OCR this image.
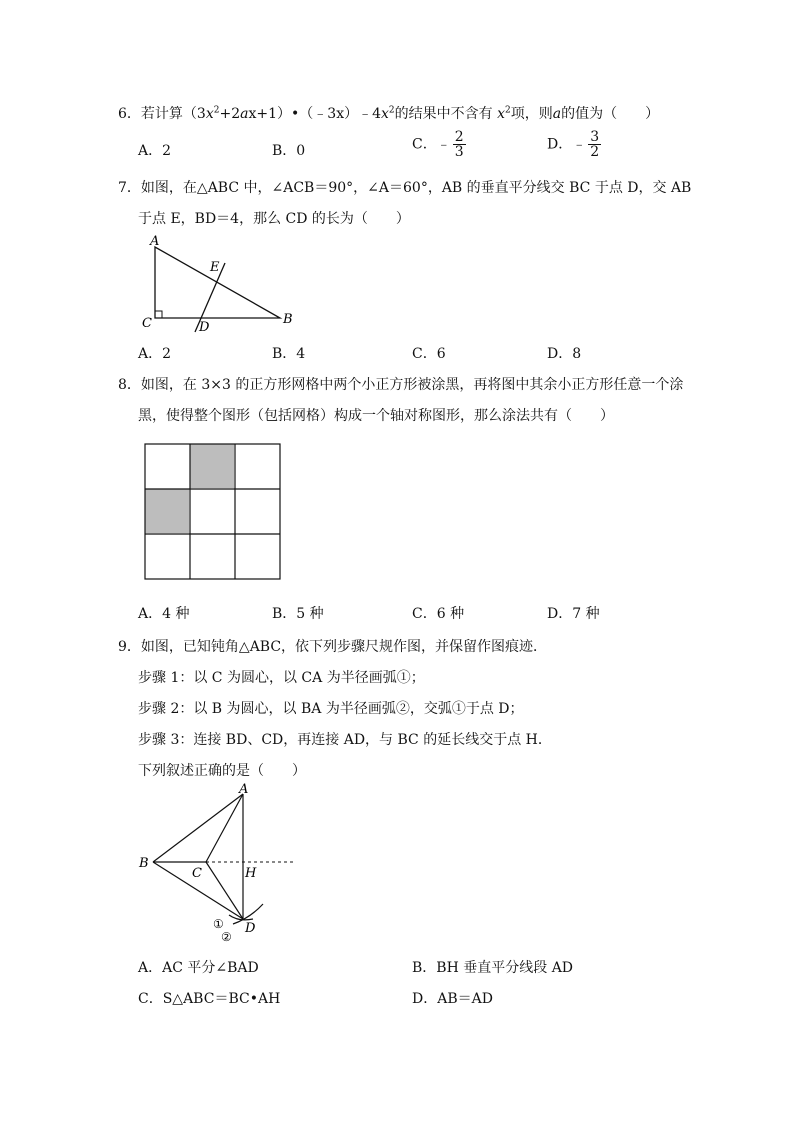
6．若计算$(3x^2+2ax+1)•(﹣3x)﹣4x^2$的结果中不含有 $x^2$项，则a的值为（　　）
A．2	B．0	C．﹣ $\frac{2}{3}$	D．﹣ $\frac{3}{2}$
7．如图，在△ABC 中，∠ACB＝90°，∠A＝60°，AB 的垂直平分线交 BC 于点 D，交 AB
于点 E，BD＝4，那么 CD 的长为（　　）
A
B
C	D
E
A．2	B．4	C．6	D．8
8．如图，在 3×3 的正方形网格中两个小正方形被涂黑，再将图中其余小正方形任意一个涂
黑，使得整个图形（包括网格）构成一个轴对称图形，那么涂法共有（　　）
A．4 种	B．5 种	C．6 种	D．7 种
9．如图，已知钝角△ABC，依下列步骤尺规作图，并保留作图痕迹．
步骤 1：以 C 为圆心，以 CA 为半径画弧①；
步骤 2：以 B 为圆心，以 BA 为半径画弧②，交弧①于点 D；
步骤 3：连接 BD、CD，再连接 AD，与 BC 的延长线交于点 H．
下列叙述正确的是（　　）
A
B
C	H
D
①
②
A．AC 平分∠BAD	B．BH 垂直平分线段 AD
C．S△ABC＝BC•AH	D．AB＝AD
